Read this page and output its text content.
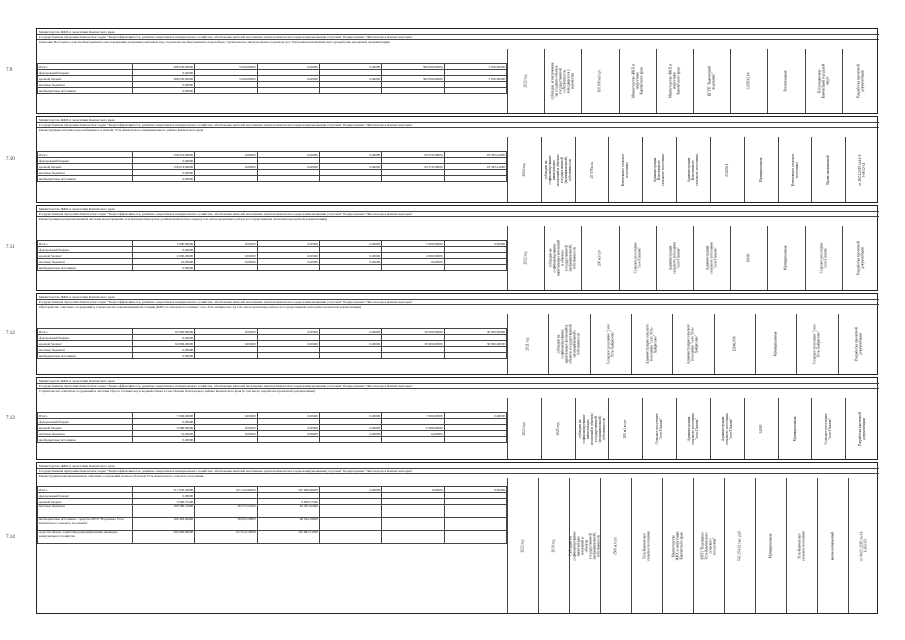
Министерство ЖКХ и энергетики Камчатского края
Государственная программа Камчатского края "Энергоэффективность, развитие энергетики и коммунального хозяйства, обеспечение жителей населенных пунктов Камчатского края коммунальными услугами" Подпрограмма "Чистая вода в Камчатском крае"
Освоение Восточного участка Быстринского месторождения подземных питьевых вод, строительство Быстринского водозабора, строительство магистрального водовода до г. Петропавловск-Камчатского (разработка проектной документации)
Итого	308 050,00000	5 000,00000	0,00000	0,00000	300 000,00000	3 050,00000
федеральный бюджет	0,00000					
краевой бюджет	308 050,00000	5 000,00000	0,00000	0,00000	300 000,00000	3 050,00000
местные бюджеты	0,00000					
внебюджетные источники	0,00000					
2022 год	субсидии, ассигнования на создание объекта государственной собственности, находящегося у ведомства	100 000 м3/сут	Министерство ЖКХ и энергетики Камчатского края	Министерство ЖКХ и энергетики Камчатского края	КГУП "Камчатский водоканал"	3309542,04	Региональная	Петропавловск-Камчатский городской округ	Разработка проектной документации
7.9
Министерство ЖКХ и энергетики Камчатского края
Государственная программа Камчатского края "Энергоэффективность, развитие энергетики и коммунального хозяйства, обеспечение жителей населенных пунктов Камчатского края коммунальными услугами" Подпрограмма "Чистая вода в Камчатском крае"
Реконструкция системы водоснабжения в п. Ключи, Усть-Камчатского муниципального района Камчатского края
Итого	158 674,99000	0,00000	0,00000	0,00000	65 079,58000	93 595,41000
федеральный бюджет	0,00000					
краевой бюджет	158 674,99000	0,00000	0,00000	0,00000	65 079,58000	93 595,41000
местные бюджеты	0,00000					
внебюджетные источники	0,00000					
2024 год	субсидии на софинансирование капитальных вложений в объекты государственной (муниципальной) собственности	25 578 п.м.	Ключевское сельское поселение	Администрация Ключевского сельского поселения	Администрация Ключевского сельского поселения	234306,1	Муниципальная	Ключевское сельское поселение	Вновь начинаемый	от 28.01.2019 №41-1-5-0032-11
7.10
Министерство ЖКХ и энергетики Камчатского края
Государственная программа Камчатского края "Энергоэффективность, развитие энергетики и коммунального хозяйства, обеспечение жителей населенных пунктов Камчатского края коммунальными услугами" Подпрограмма "Чистая вода в Камчатском крае"
Реконструкция централизованной системы водоотведения села Пахачи Олюторского района Камчатского края (в том числе проектные работы и государственная экспертиза проектной документации)
Итого	5 000,00000	0,00000	0,00000	0,00000	5 000,00000	0,00000
федеральный бюджет	0,00000					
краевой бюджет	4 990,00000	0,00000	0,00000	0,00000	4 990,00000	
местные бюджеты	10,00000	0,00000	0,00000	0,00000	10,00000	
внебюджетные источники	0,00000					
2022 год	субсидии на софинансирование капитальных вложений в объекты государственной (муниципальной) собственности	200 м3/сут	Сельское поселение "село Пахачи"	Администрация сельского поселения "село Пахачи"	Администрация сельского поселения "село Пахачи"	19000	Муниципальная	Сельское поселение "село Пахачи"	Разработка проектной документации
7.11
Министерство ЖКХ и энергетики Камчатского края
Государственная программа Камчатского края "Энергоэффективность, развитие энергетики и коммунального хозяйства, обеспечение жителей населенных пунктов Камчатского края коммунальными услугами" Подпрограмма "Чистая вода в Камчатском крае"
Обустройство очистных сооружений и строительство канализационной станции (КНС) в сельском поселении "село Усть-Хайрюзово" (в том числе проектные работы и государственная экспертиза проектной документации)
Итого	60 000,00000	0,00000	0,00000	0,00000	30 000,00000	30 000,00000
федеральный бюджет	0,00000					
краевой бюджет	60 000,00000	0,00000	0,00000	0,00000	30 000,00000	30 000,00000
местные бюджеты	0,00000					
внебюджетные источники	0,00000					
2021 год	субсидии на софинансирование капитальных вложений в объекты государственной (муниципальной) собственности	Сельское поселение "село Усть-Хайрюзово"	Администрация сельского поселения "село Усть-Хайрюзово"	Администрация сельского поселения "село Усть-Хайрюзово"	12646,006	Муниципальная	Сельское поселение "село Усть-Хайрюзово"	Разработка проектной документации
7.12
Министерство ЖКХ и энергетики Камчатского края
Государственная программа Камчатского края "Энергоэффективность, развитие энергетики и коммунального хозяйства, обеспечение жителей населенных пунктов Камчатского края коммунальными услугами" Подпрограмма "Чистая вода в Камчатском крае"
Строительство очистных сооружений и системы сброса сточных вод в водный объект в селе Пахачи Олюторского района Камчатского края (в том числе разработка проектной документации)
Итого	7 000,00000	0,00000	0,00000	0,00000	7 000,00000	0,00000
федеральный бюджет	0,00000					
краевой бюджет	6 986,00000	0,00000	0,00000	0,00000	6 986,00000	
местные бюджеты	14,00000	0,00000	0,00000	0,00000	14,00000	
внебюджетные источники	0,00000					
2023 год	2025 год	субсидии на софинансирование капитальных вложений в объекты государственной (муниципальной) собственности	200 м3 в сут	Сельское поселение "село Пахачи"	Администрация сельского поселения "село Пахачи"	Администрация сельского поселения "село Пахачи"	34000	Муниципальная	Сельское поселение "село Пахачи"	Разработка проектной документации
7.13
Министерство ЖКХ и энергетики Камчатского края
Государственная программа Камчатского края "Энергоэффективность, развитие энергетики и коммунального хозяйства, обеспечение жителей населенных пунктов Камчатского края коммунальными услугами" Подпрограмма "Чистая вода в Камчатском крае"
Реконструкция канализационных очистных сооружений на мысе Потохом Усть-Камчатского сельского поселения
Итого	517 030,58200	191 343,98200	325 686,60000	0,00000	0,00000	0,00000
федеральный бюджет	0,00000					
краевой бюджет	9 966,37200		9 966,37200			
местные бюджеты	100 580,72000	36 275,52200	64 305,20400			
внебюджетные источники - средства МУП "Водоканал Усть-Камчатского сельского поселения"	106 483,49400	38 083,29800	68 394,18600			
средства Фонда содействия реформированию жилищно-коммунального хозяйства	300 000,00000	107 012,79000	192 987,21000			
2022 год	2039 год	Субсидии на софинансирование капитальных вложений в объекты государственной (муниципальной) собственности	1500 м3/сут	Усть-Камчатское сельское поселение	Министерство ЖКХ и энергетики Камчатского края	МУП "Водоканал Усть-Камчатского сельского поселения"	543 354,02 тыс. руб	Муниципальная	Усть-Камчатское сельское поселение	вновь начинаемый	от 04.03.2019 № 41-1-262-19
7.14
